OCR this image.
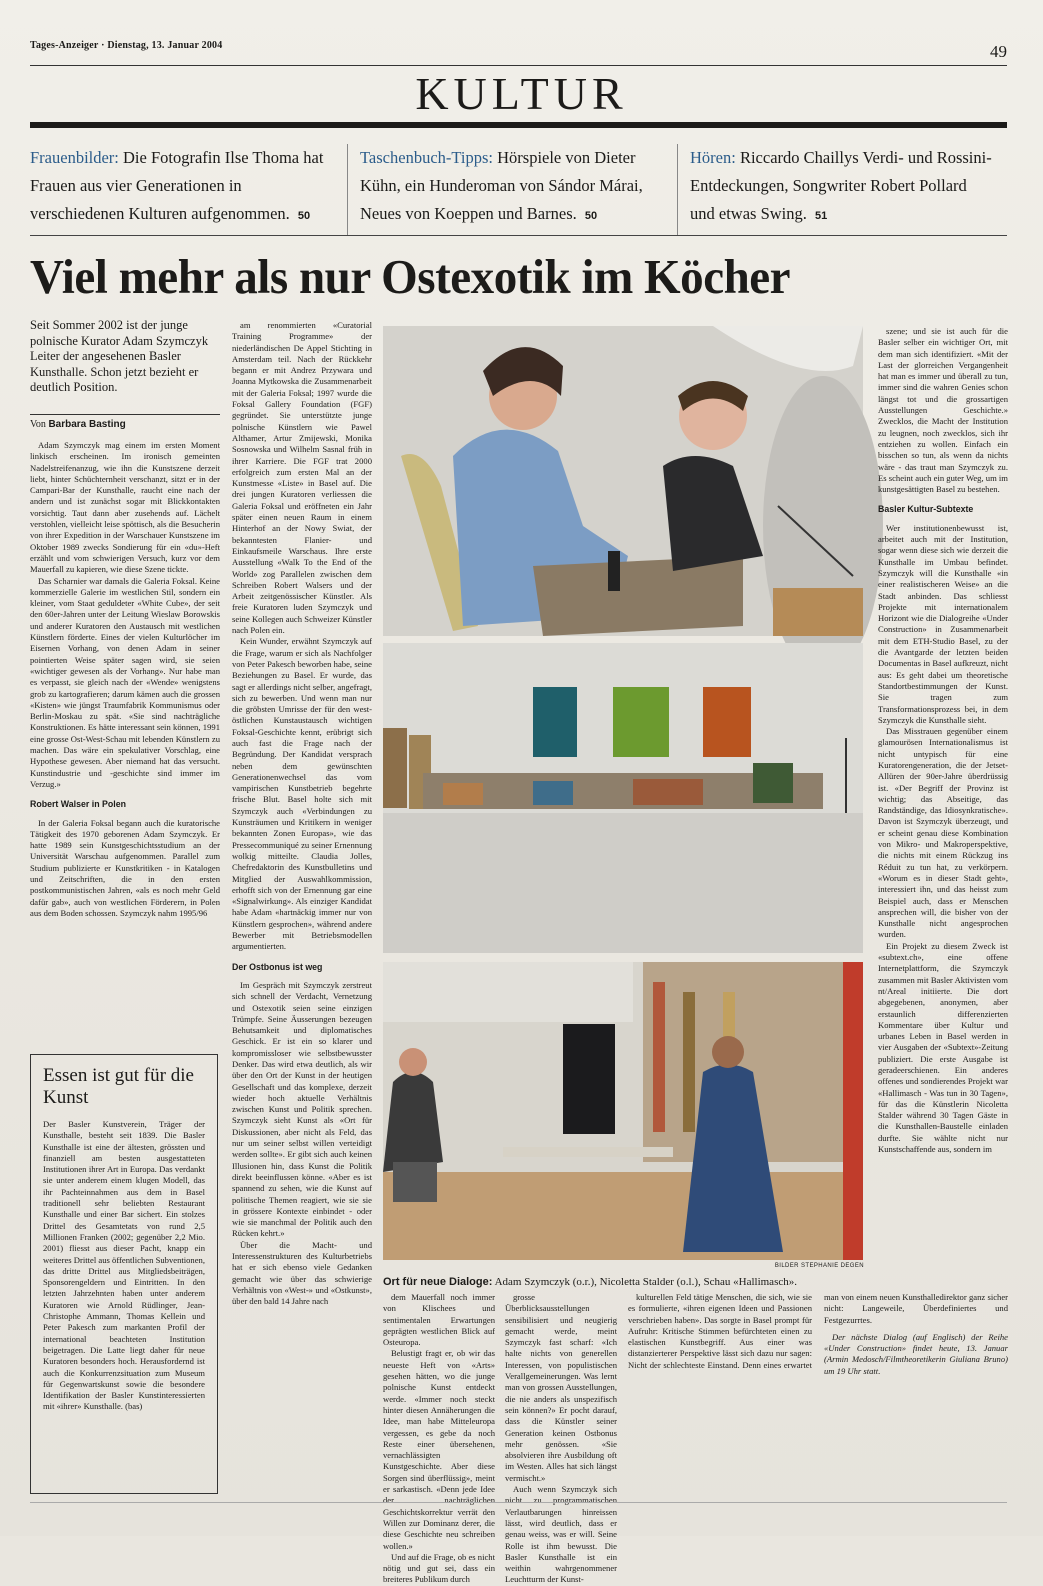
Tages-Anzeiger · Dienstag, 13. Januar 2004	49
KULTUR
Frauenbilder: Die Fotografin Ilse Thoma hat Frauen aus vier Generationen in verschiedenen Kulturen aufgenommen. 50
Taschenbuch-Tipps: Hörspiele von Dieter Kühn, ein Hunderoman von Sándor Márai, Neues von Koeppen und Barnes. 50
Hören: Riccardo Chaillys Verdi- und Rossini-Entdeckungen, Songwriter Robert Pollard und etwas Swing. 51
Viel mehr als nur Ostexotik im Köcher
Seit Sommer 2002 ist der junge polnische Kurator Adam Szymczyk Leiter der angesehenen Basler Kunsthalle. Schon jetzt bezieht er deutlich Position.
Von Barbara Basting

Adam Szymczyk mag einem im ersten Moment linkisch erscheinen. Im ironisch gemeinten Nadelstreifenanzug, wie ihn die Kunstszene derzeit liebt, hinter Schüchternheit verschanzt, sitzt er in der Campari-Bar der Kunsthalle, raucht eine nach der andern und ist zunächst sogar mit Blickkontakten vorsichtig. Taut dann aber zusehends auf. Lächelt verstohlen, vielleicht leise spöttisch, als die Besucherin von ihrer Expedition in der Warschauer Kunstszene im Oktober 1989 zwecks Sondierung für ein «du»-Heft erzählt und vom schwierigen Versuch, kurz vor dem Mauerfall zu kapieren, wie diese Szene tickte.

Das Scharnier war damals die Galeria Foksal. Keine kommerzielle Galerie im westlichen Stil, sondern ein kleiner, vom Staat geduldeter «White Cube», der seit den 60er-Jahren unter der Leitung Wieslaw Borowskis und anderer Kuratoren den Austausch mit westlichen Künstlern förderte. Eines der vielen Kulturlöcher im Eisernen Vorhang, von denen Adam in seiner pointierten Weise später sagen wird, sie seien «wichtiger gewesen als der Vorhang». Nur habe man es verpasst, sie gleich nach der «Wende» wenigstens grob zu kartografieren; darum kämen auch die grossen «Kisten» wie jüngst Traumfabrik Kommunismus oder Berlin-Moskau zu spät. «Sie sind nachträgliche Konstruktionen. Es hätte interessant sein können, 1991 eine grosse Ost-West-Schau mit lebenden Künstlern zu machen. Das wäre ein spekulativer Vorschlag, eine Hypothese gewesen. Aber niemand hat das versucht. Kunstindustrie und -geschichte sind immer im Verzug.»

Robert Walser in Polen

In der Galeria Foksal begann auch die kuratorische Tätigkeit des 1970 geborenen Adam Szymczyk. Er hatte 1989 sein Kunstgeschichtsstudium an der Universität Warschau aufgenommen. Parallel zum Studium publizierte er Kunstkritiken - in Katalogen und Zeitschriften, die in den ersten postkommunistischen Jahren, «als es noch mehr Geld dafür gab», auch von westlichen Förderern, in Polen aus dem Boden schossen. Szymczyk nahm 1995/96

Essen ist gut für die Kunst
Der Basler Kunstverein, Träger der Kunsthalle, besteht seit 1839. Die Basler Kunsthalle ist eine der ältesten, grössten und finanziell am besten ausgestatteten Institutionen ihrer Art in Europa. Das verdankt sie unter anderem einem klugen Modell, das ihr Pachteinnahmen aus dem in Basel traditionell sehr beliebten Restaurant Kunsthalle und einer Bar sichert. Ein stolzes Drittel des Gesamtetats von rund 2,5 Millionen Franken (2002; gegenüber 2,2 Mio. 2001) fliesst aus dieser Pacht, knapp ein weiteres Drittel aus öffentlichen Subventionen, das dritte Drittel aus Mitgliedsbeiträgen, Sponsorengeldern und Eintritten. In den letzten Jahrzehnten haben unter anderem Kuratoren wie Arnold Rüdlinger, Jean-Christophe Ammann, Thomas Kellein und Peter Pakesch zum markanten Profil der international beachteten Institution beigetragen. Die Latte liegt daher für neue Kuratoren besonders hoch. Herausfordernd ist auch die Konkurrenzsituation zum Museum für Gegenwartskunst sowie die besondere Identifikation der Basler Kunstinteressierten mit «ihrer» Kunsthalle. (bas)

am renommierten «Curatorial Training Programme» der niederländischen De Appel Stichting in Amsterdam teil. Nach der Rückkehr begann er mit Andrez Przywara und Joanna Mytkowska die Zusammenarbeit mit der Galeria Foksal; 1997 wurde die Foksal Gallery Foundation (FGF) gegründet. Sie unterstützte junge polnische Künstlern wie Pawel Althamer, Artur Zmijewski, Monika Sosnowska und Wilhelm Sasnal früh in ihrer Karriere. Die FGF trat 2000 erfolgreich zum ersten Mal an der Kunstmesse «Liste» in Basel auf. Die drei jungen Kuratoren verliessen die Galeria Foksal und eröffneten ein Jahr später einen neuen Raum in einem Hinterhof an der Nowy Swiat, der bekanntesten Flanier- und Einkaufsmeile Warschaus. Ihre erste Ausstellung «Walk To the End of the World» zog Parallelen zwischen dem Schreiben Robert Walsers und der Arbeit zeitgenössischer Künstler. Als freie Kuratoren luden Szymczyk und seine Kollegen auch Schweizer Künstler nach Polen ein.

Kein Wunder, erwähnt Szymczyk auf die Frage, warum er sich als Nachfolger von Peter Pakesch beworben habe, seine Beziehungen zu Basel. Er wurde, das sagt er allerdings nicht selber, angefragt, sich zu bewerben. Und wenn man nur die gröbsten Umrisse der für den west-östlichen Kunstaustausch wichtigen Foksal-Geschichte kennt, erübrigt sich auch fast die Frage nach der Begründung. Der Kandidat versprach neben dem gewünschten Generationenwechsel das vom vampirischen Kunstbetrieb begehrte frische Blut. Basel holte sich mit Szymczyk auch «Verbindungen zu Kunsträumen und Kritikern in weniger bekannten Zonen Europas», wie das Pressecommuniqué zu seiner Ernennung wolkig mitteilte. Claudia Jolles, Chefredaktorin des Kunstbulletins und Mitglied der Auswahlkommission, erhofft sich von der Ernennung gar eine «Signalwirkung». Als einziger Kandidat habe Adam «hartnäckig immer nur von Künstlern gesprochen», während andere Bewerber mit Betriebsmodellen argumentierten.

Der Ostbonus ist weg

Im Gespräch mit Szymczyk zerstreut sich schnell der Verdacht, Vernetzung und Ostexotik seien seine einzigen Trümpfe. Seine Äusserungen bezeugen Behutsamkeit und diplomatisches Geschick. Er ist ein so klarer und kompromissloser wie selbstbewusster Denker. Das wird etwa deutlich, als wir über den Ort der Kunst in der heutigen Gesellschaft und das komplexe, derzeit wieder hoch aktuelle Verhältnis zwischen Kunst und Politik sprechen. Szymczyk sieht Kunst als «Ort für Diskussionen, aber nicht als Feld, das nur um seiner selbst willen verteidigt werden sollte». Er gibt sich auch keinen Illusionen hin, dass Kunst die Politik direkt beeinflussen könne. «Aber es ist spannend zu sehen, wie die Kunst auf politische Themen reagiert, wie sie sie in grössere Kontexte einbindet - oder wie sie manchmal der Politik auch den Rücken kehrt.»

Über die Macht- und Interessenstrukturen des Kulturbetriebs hat er sich ebenso viele Gedanken gemacht wie über das schwierige Verhältnis von «West-» und «Ostkunst», über den bald 14 Jahre nach

BILDER STEPHANIE DEGEN
Ort für neue Dialoge: Adam Szymczyk (o.r.), Nicoletta Stalder (o.l.), Schau «Hallimasch».

dem Mauerfall noch immer von Klischees und sentimentalen Erwartungen geprägten westlichen Blick auf Osteuropa.

Belustigt fragt er, ob wir das neueste Heft von «Arts» gesehen hätten, wo die junge polnische Kunst entdeckt werde. «Immer noch steckt hinter diesen Annäherungen die Idee, man habe Mitteleuropa vergessen, es gebe da noch Reste einer übersehenen, vernachlässigten Kunstgeschichte. Aber diese Sorgen sind überflüssig», meint er sarkastisch. «Denn jede Idee der nachträglichen Geschichtskorrektur verrät den Willen zur Dominanz derer, die diese Geschichte neu schreiben wollen.»

Und auf die Frage, ob es nicht nötig und gut sei, dass ein breiteres Publikum durch

grosse Überblicksausstellungen sensibilisiert und neugierig gemacht werde, meint Szymczyk fast scharf: «Ich halte nichts von generellen Interessen, von populistischen Verallgemeinerungen. Was lernt man von grossen Ausstellungen, die nie anders als unspezifisch sein können?» Er pocht darauf, dass die Künstler seiner Generation keinen Ostbonus mehr genössen. «Sie absolvieren ihre Ausbildung oft im Westen. Alles hat sich längst vermischt.»

Auch wenn Szymczyk sich nicht zu programmatischen Verlautbarungen hinreissen lässt, wird deutlich, dass er genau weiss, was er will. Seine Rolle ist ihm bewusst. Die Basler Kunsthalle ist ein weithin wahrgenommener Leuchtturm der Kunst-

szene; und sie ist auch für die Basler selber ein wichtiger Ort, mit dem man sich identifiziert. «Mit der Last der glorreichen Vergangenheit hat man es immer und überall zu tun, immer sind die wahren Genies schon längst tot und die grossartigen Ausstellungen Geschichte.» Zwecklos, die Macht der Institution zu leugnen, noch zwecklos, sich ihr entziehen zu wollen. Einfach ein bisschen so tun, als wenn da nichts wäre - das traut man Szymczyk zu. Es scheint auch ein guter Weg, um im kunstgesättigten Basel zu bestehen.

Basler Kultur-Subtexte

Wer institutionenbewusst ist, arbeitet auch mit der Institution, sogar wenn diese sich wie derzeit die Kunsthalle im Umbau befindet. Szymczyk will die Kunsthalle «in einer realistischeren Weise» an die Stadt anbinden. Das schliesst Projekte mit internationalem Horizont wie die Dialogreihe «Under Construction» in Zusammenarbeit mit dem ETH-Studio Basel, zu der die Avantgarde der letzten beiden Documentas in Basel aufkreuzt, nicht aus: Es geht dabei um theoretische Standortbestimmungen der Kunst. Sie tragen zum Transformationsprozess bei, in dem Szymczyk die Kunsthalle sieht.

Das Misstrauen gegenüber einem glamourösen Internationalismus ist nicht untypisch für eine Kuratorengeneration, die der Jetset-Allüren der 90er-Jahre überdrüssig ist. «Der Begriff der Provinz ist wichtig; das Abseitige, das Randständige, das Idiosynkratische». Davon ist Szymczyk überzeugt, und er scheint genau diese Kombination von Mikro- und Makroperspektive, die nichts mit einem Rückzug ins Réduit zu tun hat, zu verkörpern. «Worum es in dieser Stadt geht», interessiert ihn, und das heisst zum Beispiel auch, dass er Menschen ansprechen will, die bisher von der Kunsthalle nicht angesprochen wurden.

Ein Projekt zu diesem Zweck ist «subtext.ch», eine offene Internetplattform, die Szymczyk zusammen mit Basler Aktivisten vom nt/Areal initiierte. Die dort abgegebenen, anonymen, aber erstaunlich differenzierten Kommentare über Kultur und urbanes Leben in Basel werden in vier Ausgaben der «Subtext»-Zeitung publiziert. Die erste Ausgabe ist geradeerschienen. Ein anderes offenes und sondierendes Projekt war «Hallimasch - Was tun in 30 Tagen», für das die Künstlerin Nicoletta Stalder während 30 Tagen Gäste in die Kunsthallen-Baustelle einladen durfte. Sie wählte nicht nur Kunstschaffende aus, sondern im

kulturellen Feld tätige Menschen, die sich, wie sie es formulierte, «ihren eigenen Ideen und Passionen verschrieben haben». Das sorgte in Basel prompt für Aufruhr: Kritische Stimmen befürchteten einen zu elastischen Kunstbegriff. Aus einer was distanzierterer Perspektive lässt sich dazu nur sagen: Nicht der schlechteste Einstand. Denn eines erwartet man von einem neuen Kunsthalledirektor ganz sicher nicht: Langeweile, Überdefiniertes und Festgezurrtes.

Der nächste Dialog (auf Englisch) der Reihe «Under Construction» findet heute, 13. Januar (Armin Medosch/Filmtheoretikerin Giuliana Bruno) um 19 Uhr statt.
